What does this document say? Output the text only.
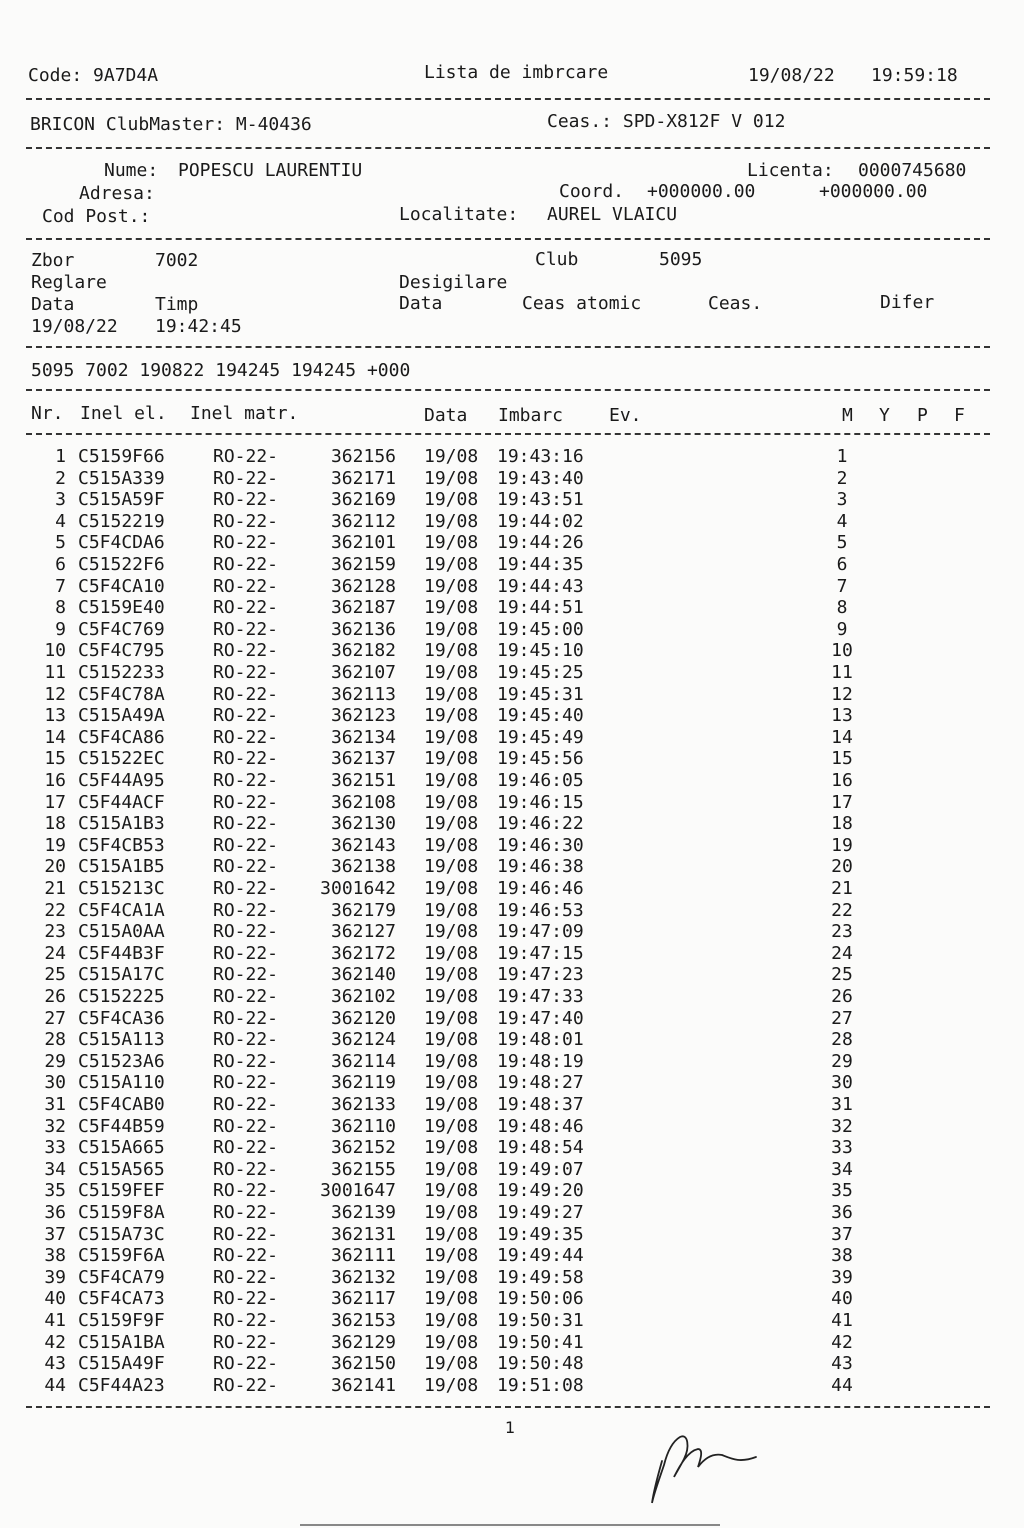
Code: 9A7D4A	Lista de imbrcare	19/08/22 19:59:18
BRICON ClubMaster: M-40436	Ceas.: SPD-X812F V 012
Nume: POPESCU LAURENTIU	Licenta: 0000745680
Adresa:	Coord. +000000.00	+000000.00
Cod Post.:	Localitate: AUREL VLAICU
Zbor	7002	Club	5095
Reglare	Desigilare
Data	Timp	Data	Ceas atomic	Ceas.	Difer
19/08/22 19:42:45
5095 7002 190822 194245 194245 +000
Nr. Inel el. Inel matr.	Data Imbarc	Ev.	M Y P F
1 C5159F66	RO-22-	362156 19/08 19:43:16	1
2 C515A339	RO-22-	362171 19/08 19:43:40	2
3 C515A59F	RO-22-	362169 19/08 19:43:51	3
4 C5152219	RO-22-	362112 19/08 19:44:02	4
5 C5F4CDA6	RO-22-	362101 19/08 19:44:26	5
6 C51522F6	RO-22-	362159 19/08 19:44:35	6
7 C5F4CA10	RO-22-	362128 19/08 19:44:43	7
8 C5159E40	RO-22-	362187 19/08 19:44:51	8
9 C5F4C769	RO-22-	362136 19/08 19:45:00	9
10 C5F4C795	RO-22-	362182 19/08 19:45:10	10
11 C5152233	RO-22-	362107 19/08 19:45:25	11
12 C5F4C78A	RO-22-	362113 19/08 19:45:31	12
13 C515A49A	RO-22-	362123 19/08 19:45:40	13
14 C5F4CA86	RO-22-	362134 19/08 19:45:49	14
15 C51522EC	RO-22-	362137 19/08 19:45:56	15
16 C5F44A95	RO-22-	362151 19/08 19:46:05	16
17 C5F44ACF	RO-22-	362108 19/08 19:46:15	17
18 C515A1B3	RO-22-	362130 19/08 19:46:22	18
19 C5F4CB53	RO-22-	362143 19/08 19:46:30	19
20 C515A1B5	RO-22-	362138 19/08 19:46:38	20
21 C515213C	RO-22-	3001642 19/08 19:46:46	21
22 C5F4CA1A	RO-22-	362179 19/08 19:46:53	22
23 C515A0AA	RO-22-	362127 19/08 19:47:09	23
24 C5F44B3F	RO-22-	362172 19/08 19:47:15	24
25 C515A17C	RO-22-	362140 19/08 19:47:23	25
26 C5152225	RO-22-	362102 19/08 19:47:33	26
27 C5F4CA36	RO-22-	362120 19/08 19:47:40	27
28 C515A113	RO-22-	362124 19/08 19:48:01	28
29 C51523A6	RO-22-	362114 19/08 19:48:19	29
30 C515A110	RO-22-	362119 19/08 19:48:27	30
31 C5F4CAB0	RO-22-	362133 19/08 19:48:37	31
32 C5F44B59	RO-22-	362110 19/08 19:48:46	32
33 C515A665	RO-22-	362152 19/08 19:48:54	33
34 C515A565	RO-22-	362155 19/08 19:49:07	34
35 C5159FEF	RO-22-	3001647 19/08 19:49:20	35
36 C5159F8A	RO-22-	362139 19/08 19:49:27	36
37 C515A73C	RO-22-	362131 19/08 19:49:35	37
38 C5159F6A	RO-22-	362111 19/08 19:49:44	38
39 C5F4CA79	RO-22-	362132 19/08 19:49:58	39
40 C5F4CA73	RO-22-	362117 19/08 19:50:06	40
41 C5159F9F	RO-22-	362153 19/08 19:50:31	41
42 C515A1BA	RO-22-	362129 19/08 19:50:41	42
43 C515A49F	RO-22-	362150 19/08 19:50:48	43
44 C5F44A23	RO-22-	362141 19/08 19:51:08	44
1
